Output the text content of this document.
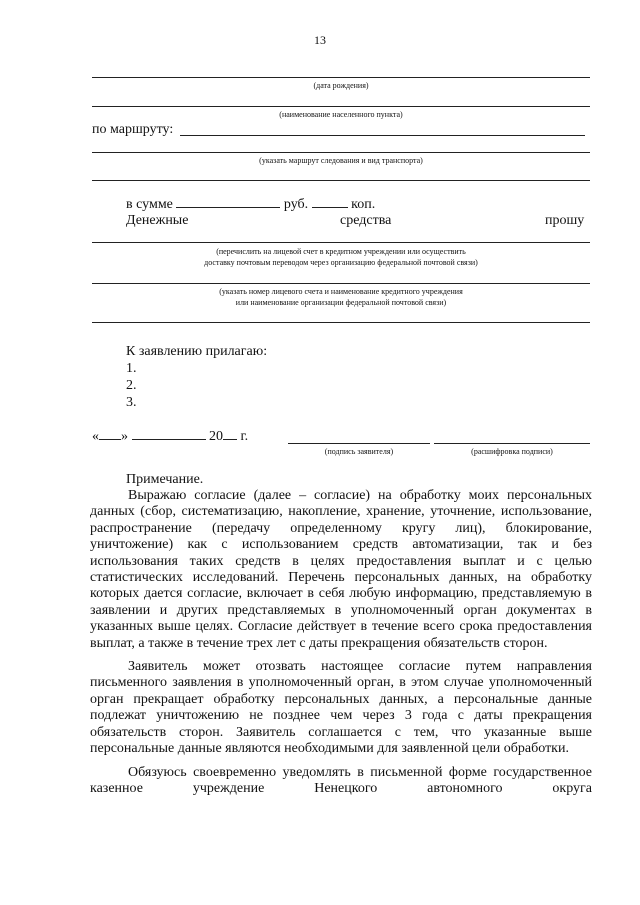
13
(дата рождения)
(наименование населенного пункта)
по маршруту:
(указать маршрут следования и вид транспорта)
в сумме	руб.	коп.
Денежные	средства	прошу
(перечислить на лицевой счет в кредитном учреждении или осуществить
доставку почтовым переводом через организацию федеральной почтовой связи)
(указать номер лицевого счета и наименование кредитного учреждения
или наименование организации федеральной почтовой связи)
К заявлению прилагаю:
1.
2.
3.
« »	20 г.
(подпись заявителя)	(расшифровка подписи)
Примечание.

Выражаю согласие (далее – согласие) на обработку моих персональных данных (сбор, систематизацию, накопление, хранение, уточнение, использование, распространение (передачу определенному кругу лиц), блокирование, уничтожение) как с использованием средств автоматизации, так и без использования таких средств в целях предоставления выплат и с целью статистических исследований. Перечень персональных данных, на обработку которых дается согласие, включает в себя любую информацию, представляемую в заявлении и других представляемых в уполномоченный орган документах в указанных выше целях. Согласие действует в течение всего срока предоставления выплат, а также в течение трех лет с даты прекращения обязательств сторон.

Заявитель может отозвать настоящее согласие путем направления письменного заявления в уполномоченный орган, в этом случае уполномоченный орган прекращает обработку персональных данных, а персональные данные подлежат уничтожению не позднее чем через 3 года с даты прекращения обязательств сторон. Заявитель соглашается с тем, что указанные выше персональные данные являются необходимыми для заявленной цели обработки.

Обязуюсь своевременно уведомлять в письменной форме государственное казенное учреждение Ненецкого автономного округа
